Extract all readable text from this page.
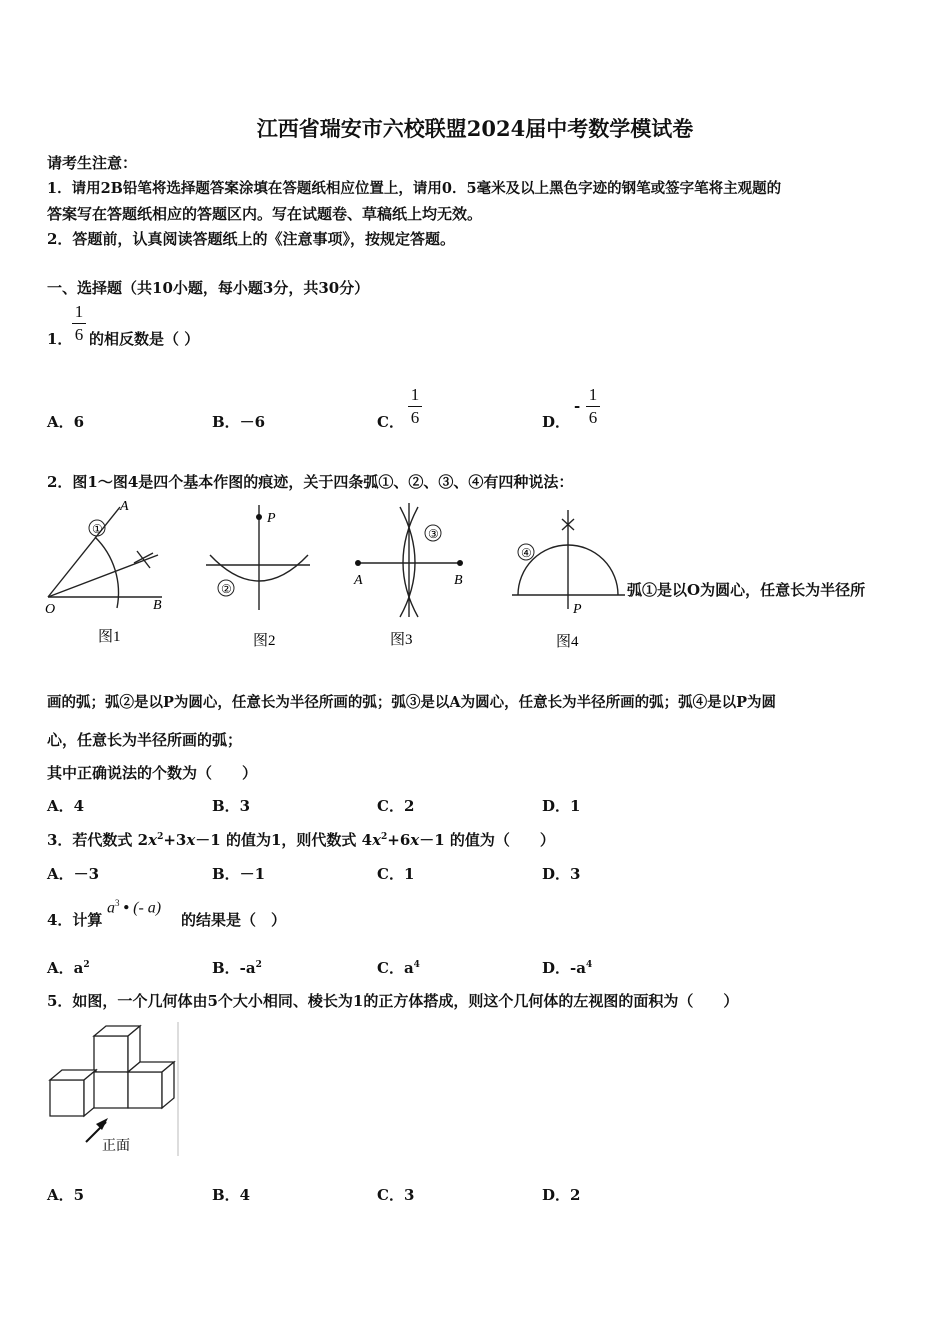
江西省瑞安市六校联盟2024届中考数学模试卷
请考生注意：
1．请用2B铅笔将选择题答案涂填在答题纸相应位置上，请用0．5毫米及以上黑色字迹的钢笔或签字笔将主观题的
答案写在答题纸相应的答题区内。写在试题卷、草稿纸上均无效。
2．答题前，认真阅读答题纸上的《注意事项》，按规定答题。
一、选择题（共10小题，每小题3分，共30分）
1．
1
6 的相反数是（ ）
A．6	B．－6	C．
1
6	D．
-
1
6
2．图1～图4是四个基本作图的痕迹，关于四条弧①、②、③、④有四种说法：
①
A
O	B
图1
P
②
图2
③
A	B
图3
④
P
图4
弧①是以O为圆心，任意长为半径所
画的弧；弧②是以P为圆心，任意长为半径所画的弧；弧③是以A为圆心，任意长为半径所画的弧；弧④是以P为圆
心，任意长为半径所画的弧；
其中正确说法的个数为（　　）
A．4	B．3	C．2	D．1
3．若代数式 $2x^2+3x-1$ 的值为1，则代数式 $4x^2+6x-1$ 的值为（　　）
A．－3	B．－1	C．1	D．3
4．计算
$a^3$ • (- a)
的结果是（　）
A．$a^2$	B．$-a^2$	C．$a^4$	D．$-a^4$
5．如图，一个几何体由5个大小相同、棱长为1的正方体搭成，则这个几何体的左视图的面积为（　　）
正面
A．5	B．4	C．3	D．2
